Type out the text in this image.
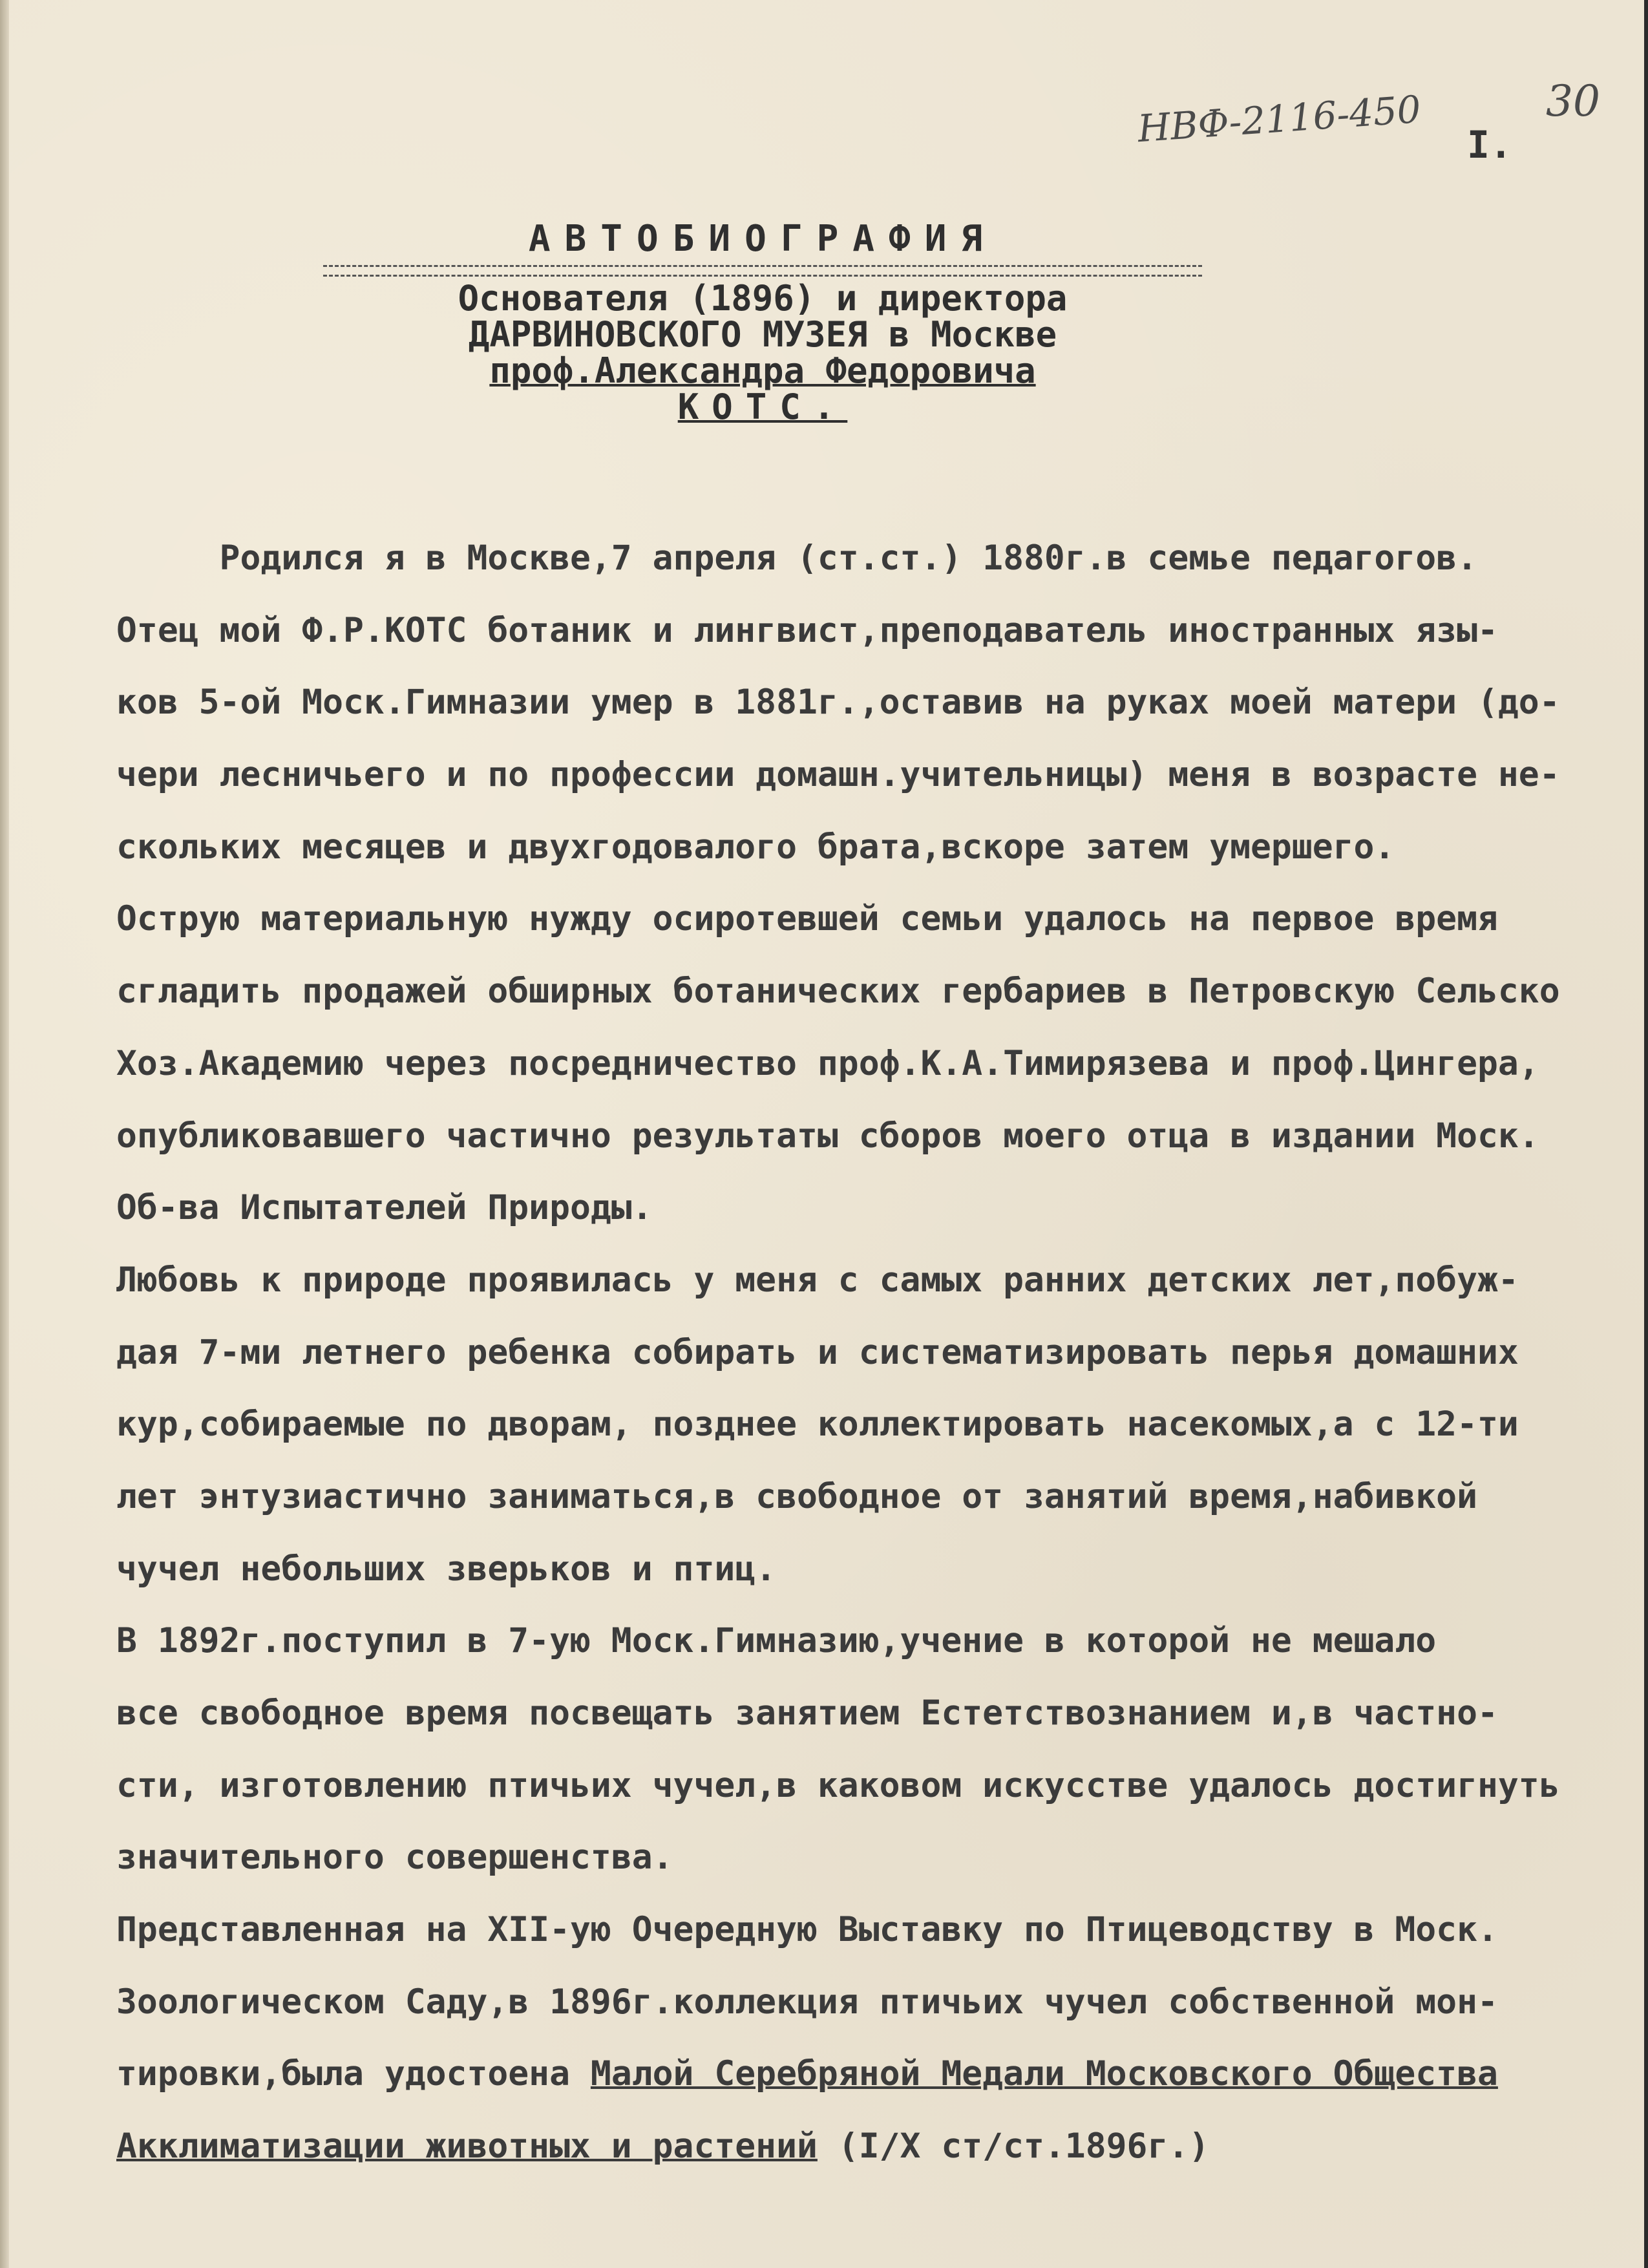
НВФ-2116-450	30
I.
АВТОБИОГРАФИЯ
Основателя (1896) и директора
ДАРВИНОВСКОГО МУЗЕЯ в Москве
проф.Александра Федоровича
КОТС.
Родился я в Москве,7 апреля (ст.ст.) 1880г.в семье педагогов.
Отец мой Ф.Р.КОТС ботаник и лингвист,преподаватель иностранных язы-
ков 5-ой Моск.Гимназии умер в 1881г.,оставив на руках моей матери (до-
чери лесничьего и по профессии домашн.учительницы) меня в возрасте не-
скольких месяцев и двухгодовалого брата,вскоре затем умершего.
Острую материальную нужду осиротевшей семьи удалось на первое время
сгладить продажей обширных ботанических гербариев в Петровскую Сельско
Хоз.Академию через посредничество проф.К.А.Тимирязева и проф.Цингера,
опубликовавшего частично результаты сборов моего отца в издании Моск.
Об-ва Испытателей Природы.
Любовь к природе проявилась у меня с самых ранних детских лет,побуж-
дая 7-ми летнего ребенка собирать и систематизировать перья домашних
кур,собираемые по дворам, позднее коллектировать насекомых,а с 12-ти
лет энтузиастично заниматься,в свободное от занятий время,набивкой
чучел небольших зверьков и птиц.
В 1892г.поступил в 7-ую Моск.Гимназию,учение в которой не мешало
все свободное время посвещать занятием Естетствознанием и,в частно-
сти, изготовлению птичьих чучел,в каковом искусстве удалось достигнуть
значительного совершенства.
Представленная на XII-ую Очередную Выставку по Птицеводству в Моск.
Зоологическом Саду,в 1896г.коллекция птичьих чучел собственной мон-
тировки,была удостоена Малой Серебряной Медали Московского Общества
Акклиматизации животных и растений (I/X ст/ст.1896г.)
